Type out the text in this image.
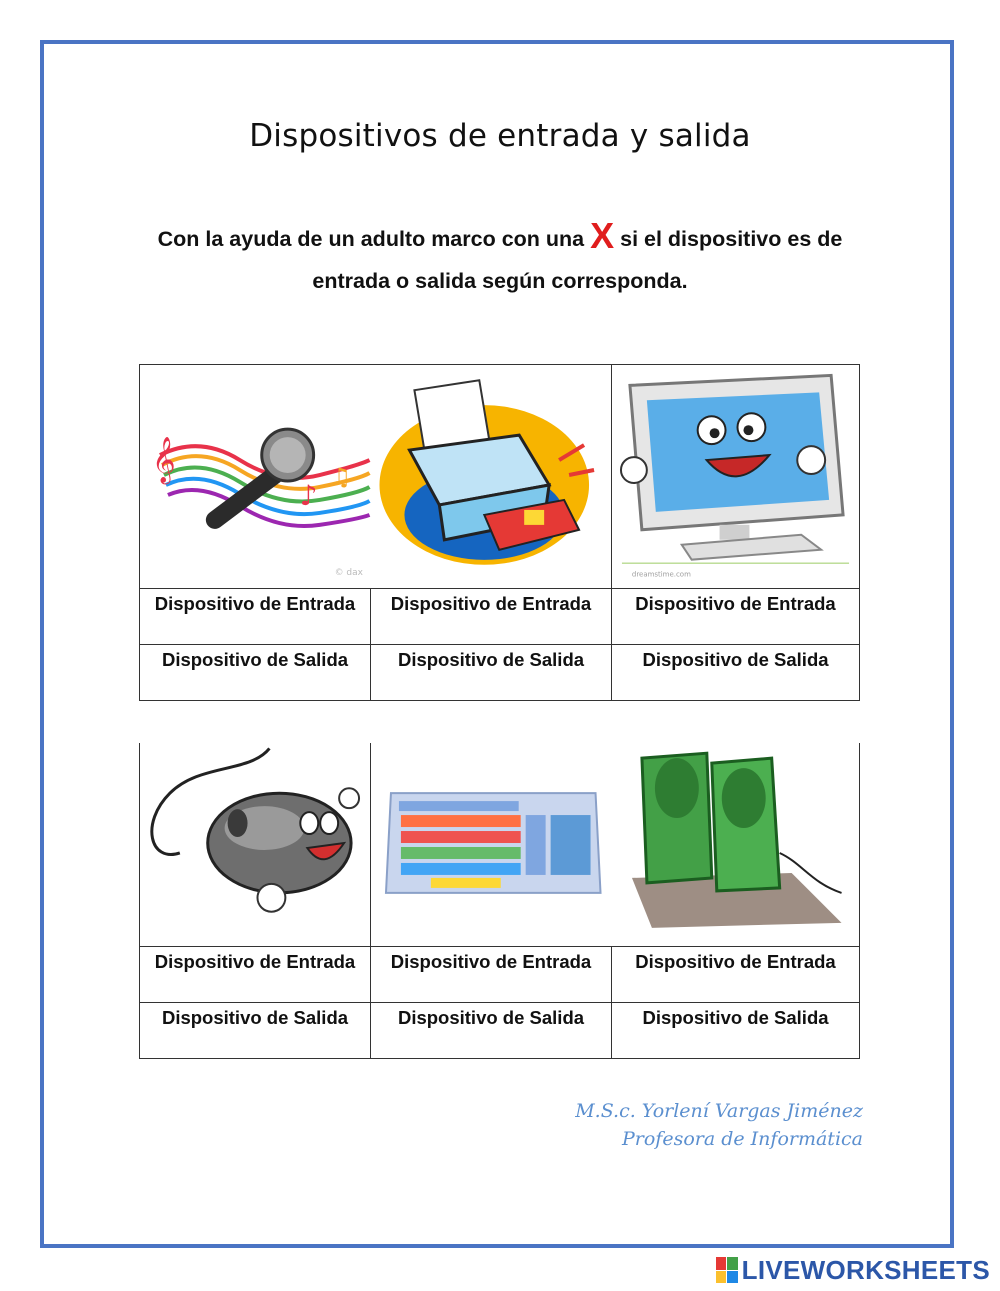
Dispositivos de entrada y salida
Con la ayuda de un adulto marco con una X si el dispositivo es de
entrada o salida según corresponda.
𝄞
♪
♫
© dax		dreamstime.com

Dispositivo de Entrada	Dispositivo de Entrada	Dispositivo de Entrada
Dispositivo de Salida	Dispositivo de Salida	Dispositivo de Salida

Dispositivo de Entrada	Dispositivo de Entrada	Dispositivo de Entrada
Dispositivo de Salida	Dispositivo de Salida	Dispositivo de Salida
M.S.c. Yorlení Vargas Jiménez
Profesora de Informática
LIVEWORKSHEETS
